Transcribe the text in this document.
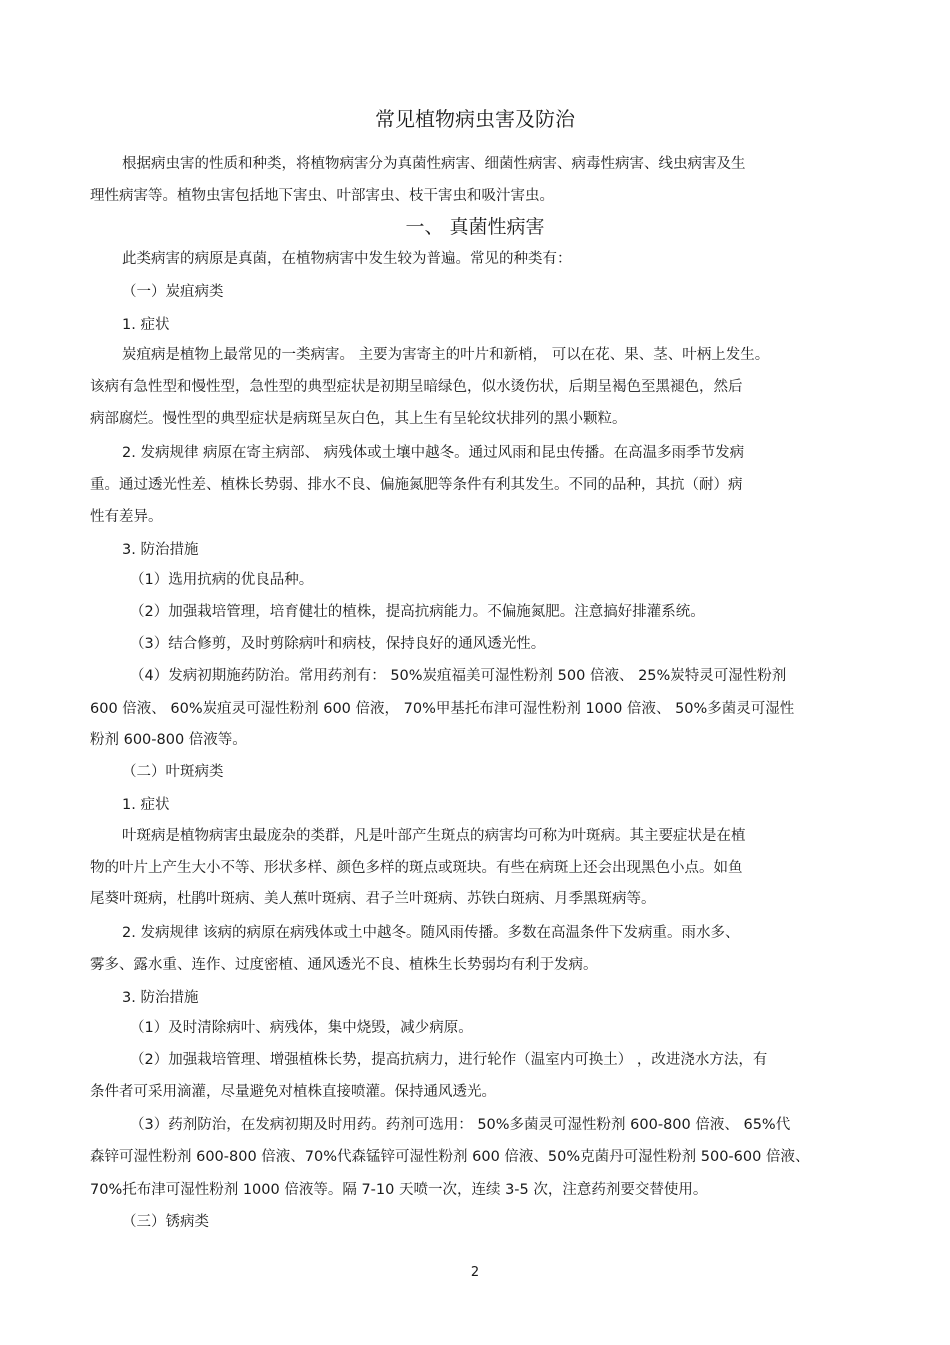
常见植物病虫害及防治
根据病虫害的性质和种类，将植物病害分为真菌性病害、细菌性病害、病毒性病害、线虫病害及生
理性病害等。植物虫害包括地下害虫、叶部害虫、枝干害虫和吸汁害虫。
一、 真菌性病害
此类病害的病原是真菌，在植物病害中发生较为普遍。常见的种类有：
（一）炭疽病类
1. 症状
炭疽病是植物上最常见的一类病害。 主要为害寄主的叶片和新梢， 可以在花、果、茎、叶柄上发生。
该病有急性型和慢性型，急性型的典型症状是初期呈暗绿色，似水烫伤状，后期呈褐色至黑褪色，然后
病部腐烂。慢性型的典型症状是病斑呈灰白色，其上生有呈轮纹状排列的黑小颗粒。
2. 发病规律 病原在寄主病部、 病残体或土壤中越冬。通过风雨和昆虫传播。在高温多雨季节发病
重。通过透光性差、植株长势弱、排水不良、偏施氮肥等条件有利其发生。不同的品种，其抗（耐）病
性有差异。
3. 防治措施
（1）选用抗病的优良品种。
（2）加强栽培管理，培育健壮的植株，提高抗病能力。不偏施氮肥。注意搞好排灌系统。
（3）结合修剪，及时剪除病叶和病枝，保持良好的通风透光性。
（4）发病初期施药防治。常用药剂有： 50%炭疽福美可湿性粉剂 500 倍液、 25%炭特灵可湿性粉剂
600 倍液、 60%炭疽灵可湿性粉剂 600 倍液， 70%甲基托布津可湿性粉剂 1000 倍液、 50%多菌灵可湿性
粉剂 600-800 倍液等。
（二）叶斑病类
1. 症状
叶斑病是植物病害虫最庞杂的类群，凡是叶部产生斑点的病害均可称为叶斑病。其主要症状是在植
物的叶片上产生大小不等、形状多样、颜色多样的斑点或斑块。有些在病斑上还会出现黑色小点。如鱼
尾葵叶斑病，杜鹃叶斑病、美人蕉叶斑病、君子兰叶斑病、苏铁白斑病、月季黑斑病等。
2. 发病规律 该病的病原在病残体或土中越冬。随风雨传播。多数在高温条件下发病重。雨水多、
雾多、露水重、连作、过度密植、通风透光不良、植株生长势弱均有利于发病。
3. 防治措施
（1）及时清除病叶、病残体，集中烧毁，减少病原。
（2）加强栽培管理、增强植株长势，提高抗病力，进行轮作（温室内可换土） ，改进浇水方法，有
条件者可采用滴灌，尽量避免对植株直接喷灌。保持通风透光。
（3）药剂防治，在发病初期及时用药。药剂可选用： 50%多菌灵可湿性粉剂 600-800 倍液、 65%代
森锌可湿性粉剂 600-800 倍液、70%代森锰锌可湿性粉剂 600 倍液、50%克菌丹可湿性粉剂 500-600 倍液、
70%托布津可湿性粉剂 1000 倍液等。隔 7-10 天喷一次，连续 3-5 次，注意药剂要交替使用。
（三）锈病类
2
